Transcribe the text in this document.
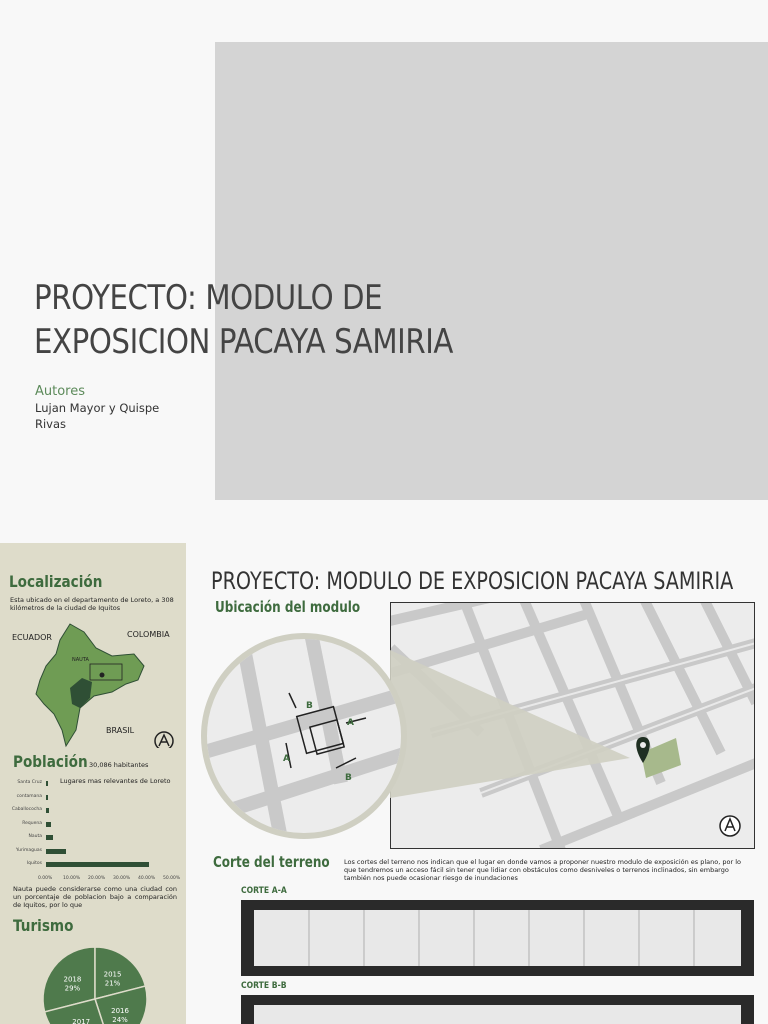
PROYECTO: MODULO DE
EXPOSICION PACAYA SAMIRIA
Autores
Lujan Mayor y Quispe
Rivas
Localización
Esta ubicado en el departamento de Loreto, a 308 kilómetros de la ciudad de Iquitos
ECUADOR	COLOMBIA
BRASIL
NAUTA
Población 30,086 habitantes
Lugares mas relevantes de Loreto
Santa Cruz
contamana
Caballococha
Requena
Nauta
Yurimaguas
Iquitos
0.00% 10.00% 20.00% 30.00% 40.00% 50.00%
Nauta puede considerarse como una ciudad con un porcentaje de poblacion bajo a comparación de Iquitos, por lo que
Turismo
2018
29%
2015
21%
2016
24%
2017
PROYECTO: MODULO DE EXPOSICION PACAYA SAMIRIA
Ubicación del modulo
A
A
B
B
Corte del terreno Los cortes del terreno nos indican que el lugar en donde vamos a proponer nuestro modulo de exposición es plano, por lo que tendremos un acceso fácil sin tener que lidiar con obstáculos como desniveles o terrenos inclinados, sin embargo también nos puede ocasionar riesgo de inundaciones
CORTE A-A
CORTE B-B
